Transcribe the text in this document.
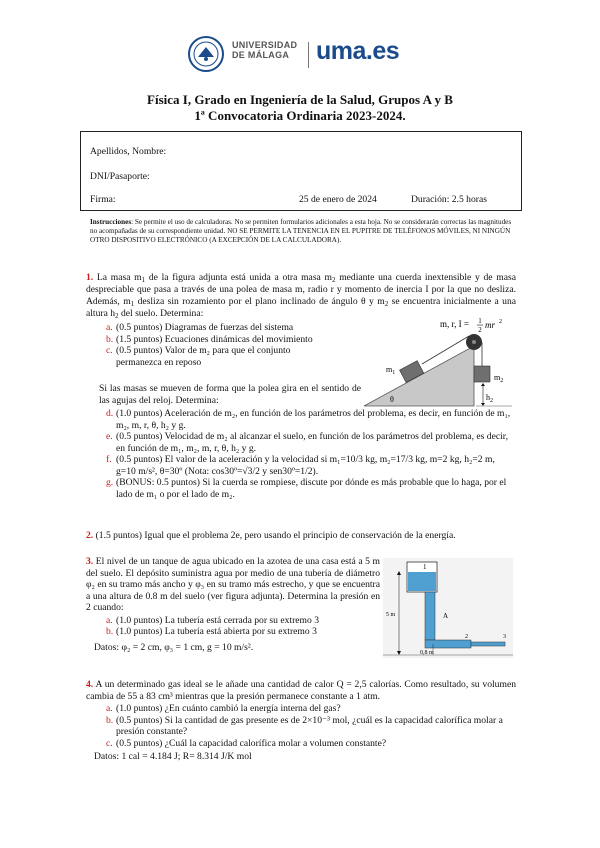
UNIVERSIDAD
DE MÁLAGA	uma.es
Física I, Grado en Ingeniería de la Salud, Grupos A y B
1ª Convocatoria Ordinaria 2023-2024.
Apellidos, Nombre:
DNI/Pasaporte:
Firma:	25 de enero de 2024	Duración: 2.5 horas
Instrucciones: Se permite el uso de calculadoras. No se permiten formularios adicionales a esta hoja. No se considerarán correctas las magnitudes no acompañadas de su correspondiente unidad. NO SE PERMITE LA TENENCIA EN EL PUPITRE DE TELÉFONOS MÓVILES, NI NINGÚN OTRO DISPOSITIVO ELECTRÓNICO (A EXCEPCIÓN DE LA CALCULADORA).
1. La masa $m_1$ de la figura adjunta está unida a otra masa $m_2$ mediante una cuerda inextensible y de masa despreciable que pasa a través de una polea de masa m, radio r y momento de inercia I por la que no desliza. Además, $m_1$ desliza sin rozamiento por el plano inclinado de ángulo θ y $m_2$ se encuentra inicialmente a una altura $h_2$ del suelo. Determina:
a. (0.5 puntos) Diagramas de fuerzas del sistema
b. (1.5 puntos) Ecuaciones dinámicas del movimiento
c. (0.5 puntos) Valor de m₂ para que el conjunto permanezca en reposo
Si las masas se mueven de forma que la polea gira en el sentido de las agujas del reloj. Determina:
d. (1.0 puntos) Aceleración de m₂, en función de los parámetros del problema, es decir, en función de m₁, m₂, m, r, θ, h₂ y g.
e. (0.5 puntos) Velocidad de m₂ al alcanzar el suelo, en función de los parámetros del problema, es decir, en función de m₁, m₂, m, r, θ, h₂ y g.
f. (0.5 puntos) El valor de la aceleración y la velocidad si m₁=10/3 kg, m₂=17/3 kg, m=2 kg, h₂=2 m, g=10 m/s², θ=30º (Nota: cos30º=√3/2 y sen30º=1/2).
g. (BONUS: 0.5 puntos) Si la cuerda se rompiese, discute por dónde es más probable que lo haga, por el lado de m₁ o por el lado de m₂.
m, r, I = 1
2 mr 2
$m_1$	$m_2$
$h_2$
θ
2. (1.5 puntos) Igual que el problema 2e, pero usando el principio de conservación de la energía.
3. El nivel de un tanque de agua ubicado en la azotea de una casa está a 5 m del suelo. El depósito suministra agua por medio de una tubería de diámetro φ₂ en su tramo más ancho y φ₃ en su tramo más estrecho, y que se encuentra a una altura de 0.8 m del suelo (ver figura adjunta). Determina la presión en 2 cuando:
a. (1.0 puntos) La tubería está cerrada por su extremo 3
b. (1.0 puntos) La tubería está abierta por su extremo 3
Datos: φ₂ = 2 cm, φ₃ = 1 cm, g = 10 m/s².
1
5 m	A
0,8 m
2	3
4. A un determinado gas ideal se le añade una cantidad de calor Q = 2,5 calorías. Como resultado, su volumen cambia de 55 a 83 cm³ mientras que la presión permanece constante a 1 atm.
a. (1.0 puntos) ¿En cuánto cambió la energía interna del gas?
b. (0.5 puntos) Si la cantidad de gas presente es de 2×10⁻³ mol, ¿cuál es la capacidad calorífica molar a presión constante?
c. (0.5 puntos) ¿Cuál la capacidad calorífica molar a volumen constante?
Datos: 1 cal = 4.184 J; R= 8.314 J/K mol
